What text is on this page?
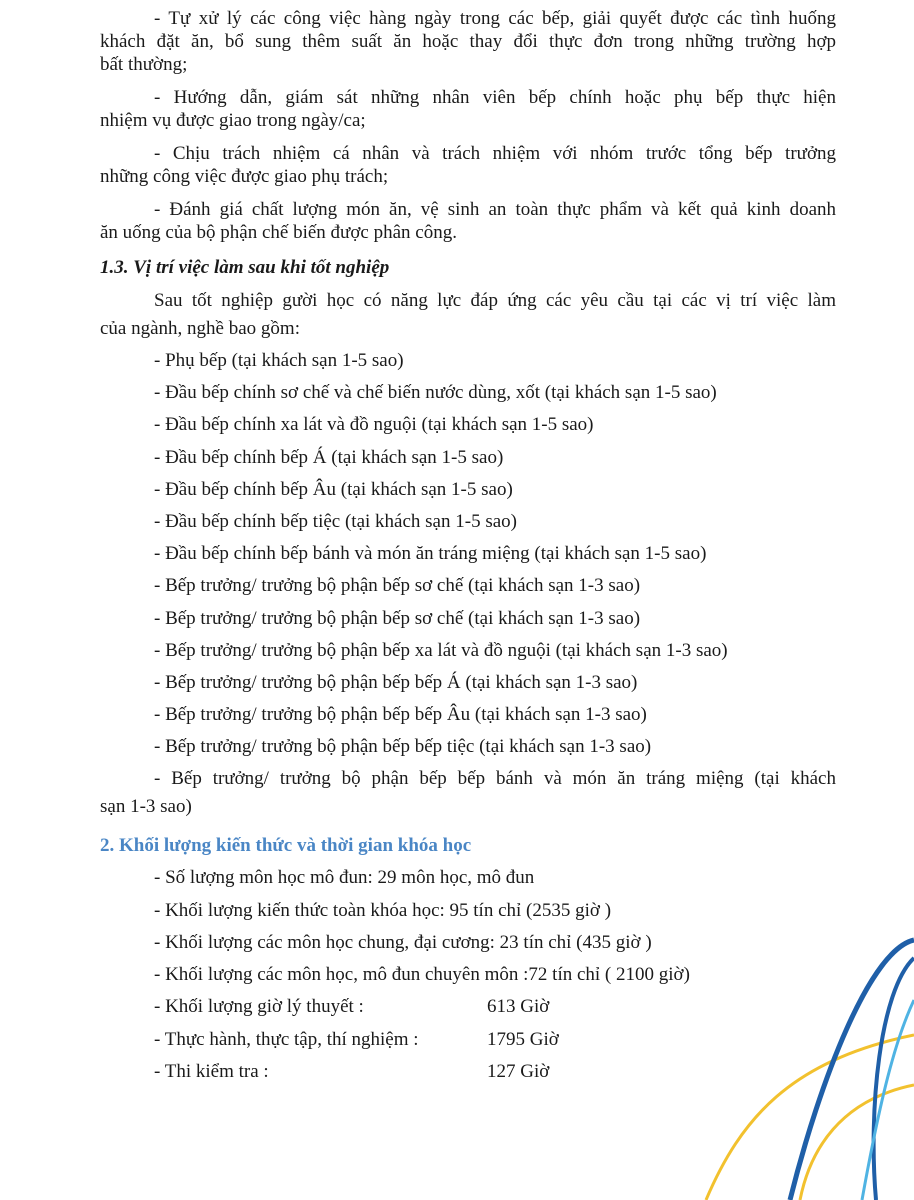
- Tự xử lý các công việc hàng ngày trong các bếp, giải quyết được các tình huống
khách đặt ăn, bổ sung thêm suất ăn hoặc thay đổi thực đơn trong những trường hợp
bất thường;
- Hướng dẫn, giám sát những nhân viên bếp chính hoặc phụ bếp thực hiện
nhiệm vụ được giao trong ngày/ca;
- Chịu trách nhiệm cá nhân và trách nhiệm với nhóm trước tổng bếp trưởng
những công việc được giao phụ trách;
- Đánh giá chất lượng món ăn, vệ sinh an toàn thực phẩm và kết quả kinh doanh
ăn uống của bộ phận chế biến được phân công.
1.3. Vị trí việc làm sau khi tốt nghiệp
Sau tốt nghiệp gười học có năng lực đáp ứng các yêu cầu tại các vị trí việc làm
của ngành, nghề bao gồm:
- Phụ bếp (tại khách sạn 1-5 sao)
- Đầu bếp chính sơ chế và chế biến nước dùng, xốt (tại khách sạn 1-5 sao)
- Đầu bếp chính xa lát và đồ nguội (tại khách sạn 1-5 sao)
- Đầu bếp chính bếp Á (tại khách sạn 1-5 sao)
- Đầu bếp chính bếp Âu (tại khách sạn 1-5 sao)
- Đầu bếp chính bếp tiệc (tại khách sạn 1-5 sao)
- Đầu bếp chính bếp bánh và món ăn tráng miệng (tại khách sạn 1-5 sao)
- Bếp trưởng/ trưởng bộ phận bếp sơ chế (tại khách sạn 1-3 sao)
- Bếp trưởng/ trưởng bộ phận bếp sơ chế (tại khách sạn 1-3 sao)
- Bếp trưởng/ trưởng bộ phận bếp xa lát và đồ nguội (tại khách sạn 1-3 sao)
- Bếp trưởng/ trưởng bộ phận bếp bếp Á (tại khách sạn 1-3 sao)
- Bếp trưởng/ trưởng bộ phận bếp bếp Âu (tại khách sạn 1-3 sao)
- Bếp trưởng/ trưởng bộ phận bếp bếp tiệc (tại khách sạn 1-3 sao)
- Bếp trưởng/ trưởng bộ phận bếp bếp bánh và món ăn tráng miệng (tại khách
sạn 1-3 sao)
2. Khối lượng kiến thức và thời gian khóa học
- Số lượng môn học mô đun: 29 môn học, mô đun
- Khối lượng kiến thức toàn khóa học: 95 tín chỉ (2535 giờ )
- Khối lượng các môn học chung, đại cương: 23 tín chỉ (435 giờ )
- Khối lượng các môn học, mô đun chuyên môn :72 tín chỉ ( 2100 giờ)
- Khối lượng giờ lý thuyết :	613 Giờ
- Thực hành, thực tập, thí nghiệm :	1795 Giờ
- Thi kiểm tra :	127 Giờ
